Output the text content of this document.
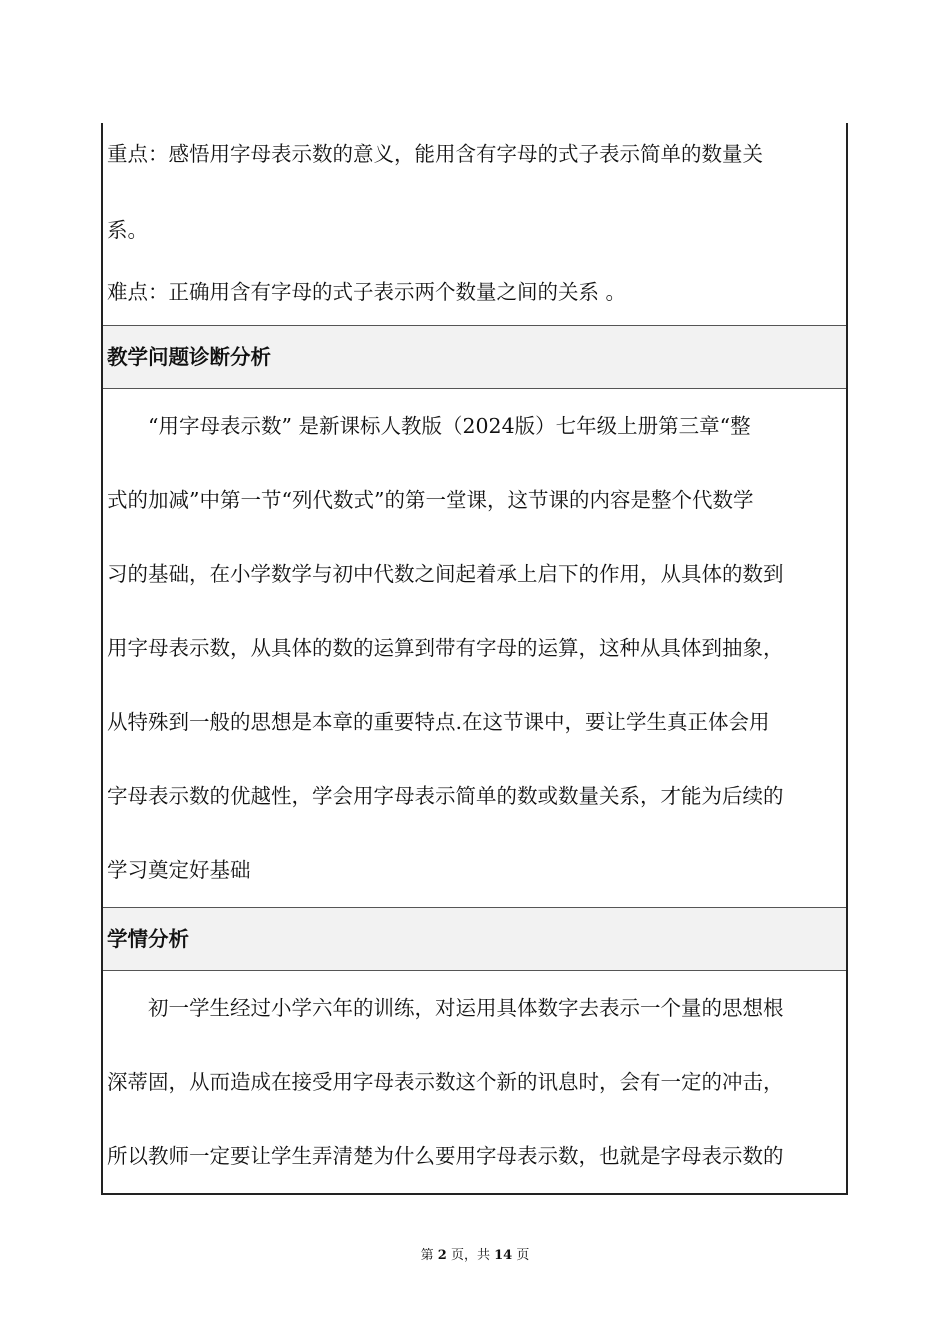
重点：感悟用字母表示数的意义，能用含有字母的式子表示简单的数量关

系。

难点：正确用含有字母的式子表示两个数量之间的关系 。

教学问题诊断分析

“用字母表示数” 是新课标人教版（2024版）七年级上册第三章“整

式的加减”中第一节“列代数式”的第一堂课，这节课的内容是整个代数学

习的基础，在小学数学与初中代数之间起着承上启下的作用，从具体的数到

用字母表示数，从具体的数的运算到带有字母的运算，这种从具体到抽象，

从特殊到一般的思想是本章的重要特点.在这节课中，要让学生真正体会用

字母表示数的优越性，学会用字母表示简单的数或数量关系，才能为后续的

学习奠定好基础

学情分析

初一学生经过小学六年的训练，对运用具体数字去表示一个量的思想根

深蒂固，从而造成在接受用字母表示数这个新的讯息时，会有一定的冲击，

所以教师一定要让学生弄清楚为什么要用字母表示数，也就是字母表示数的

第 2 页，共 14 页
